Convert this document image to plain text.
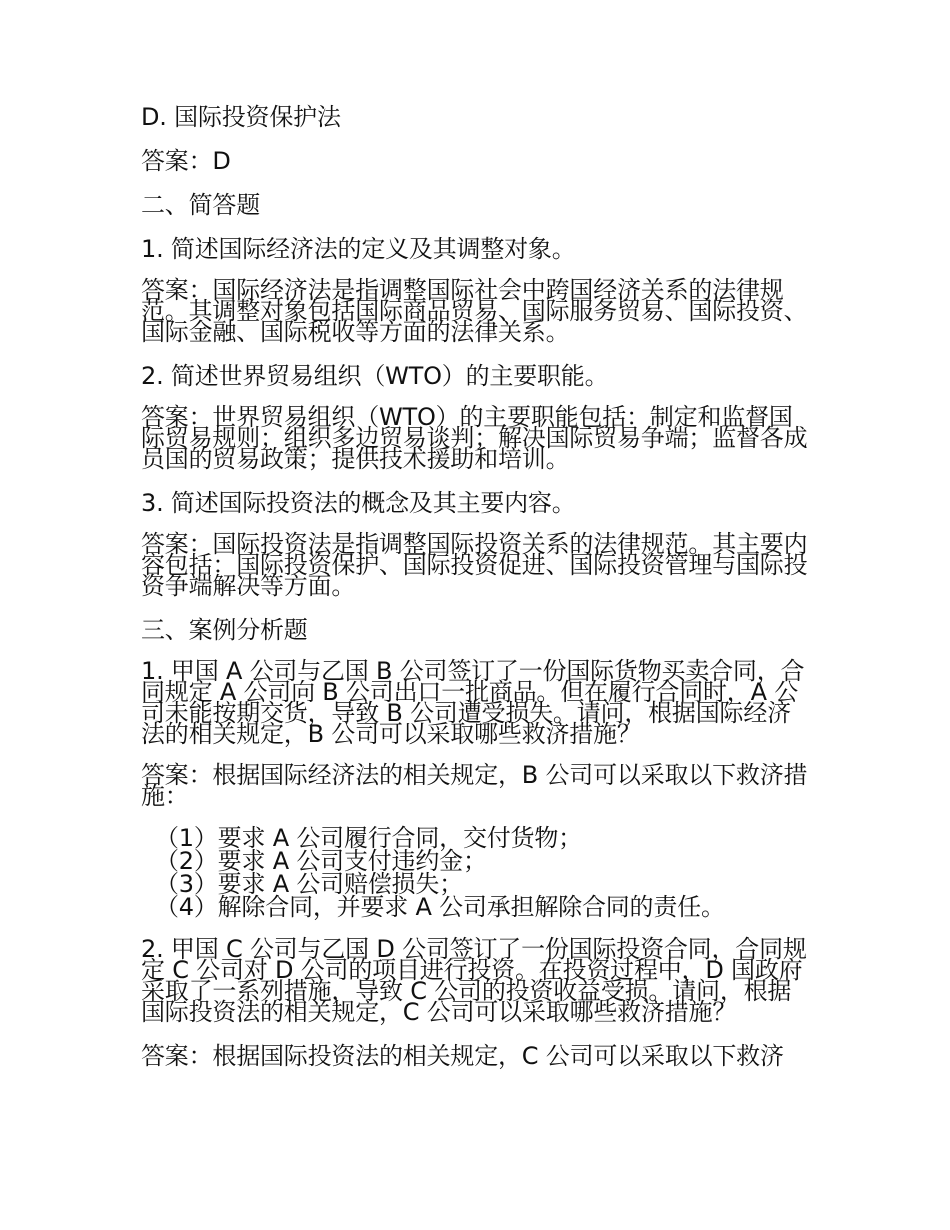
D. 国际投资保护法

答案：D

二、简答题

1. 简述国际经济法的定义及其调整对象。

答案：国际经济法是指调整国际社会中跨国经济关系的法律规范。其调整对象包括国际商品贸易、国际服务贸易、国际投资、国际金融、国际税收等方面的法律关系。

2. 简述世界贸易组织（WTO）的主要职能。

答案：世界贸易组织（WTO）的主要职能包括：制定和监督国际贸易规则；组织多边贸易谈判；解决国际贸易争端；监督各成员国的贸易政策；提供技术援助和培训。

3. 简述国际投资法的概念及其主要内容。

答案：国际投资法是指调整国际投资关系的法律规范。其主要内容包括：国际投资保护、国际投资促进、国际投资管理与国际投资争端解决等方面。

三、案例分析题

1. 甲国 A 公司与乙国 B 公司签订了一份国际货物买卖合同，合同规定 A 公司向 B 公司出口一批商品。但在履行合同时，A 公司未能按期交货，导致 B 公司遭受损失。请问，根据国际经济法的相关规定，B 公司可以采取哪些救济措施？

答案：根据国际经济法的相关规定，B 公司可以采取以下救济措施：

（1）要求 A 公司履行合同，交付货物；
（2）要求 A 公司支付违约金；
（3）要求 A 公司赔偿损失；
（4）解除合同，并要求 A 公司承担解除合同的责任。

2. 甲国 C 公司与乙国 D 公司签订了一份国际投资合同，合同规定 C 公司对 D 公司的项目进行投资。在投资过程中，D 国政府采取了一系列措施，导致 C 公司的投资收益受损。请问，根据国际投资法的相关规定，C 公司可以采取哪些救济措施？

答案：根据国际投资法的相关规定，C 公司可以采取以下救济
